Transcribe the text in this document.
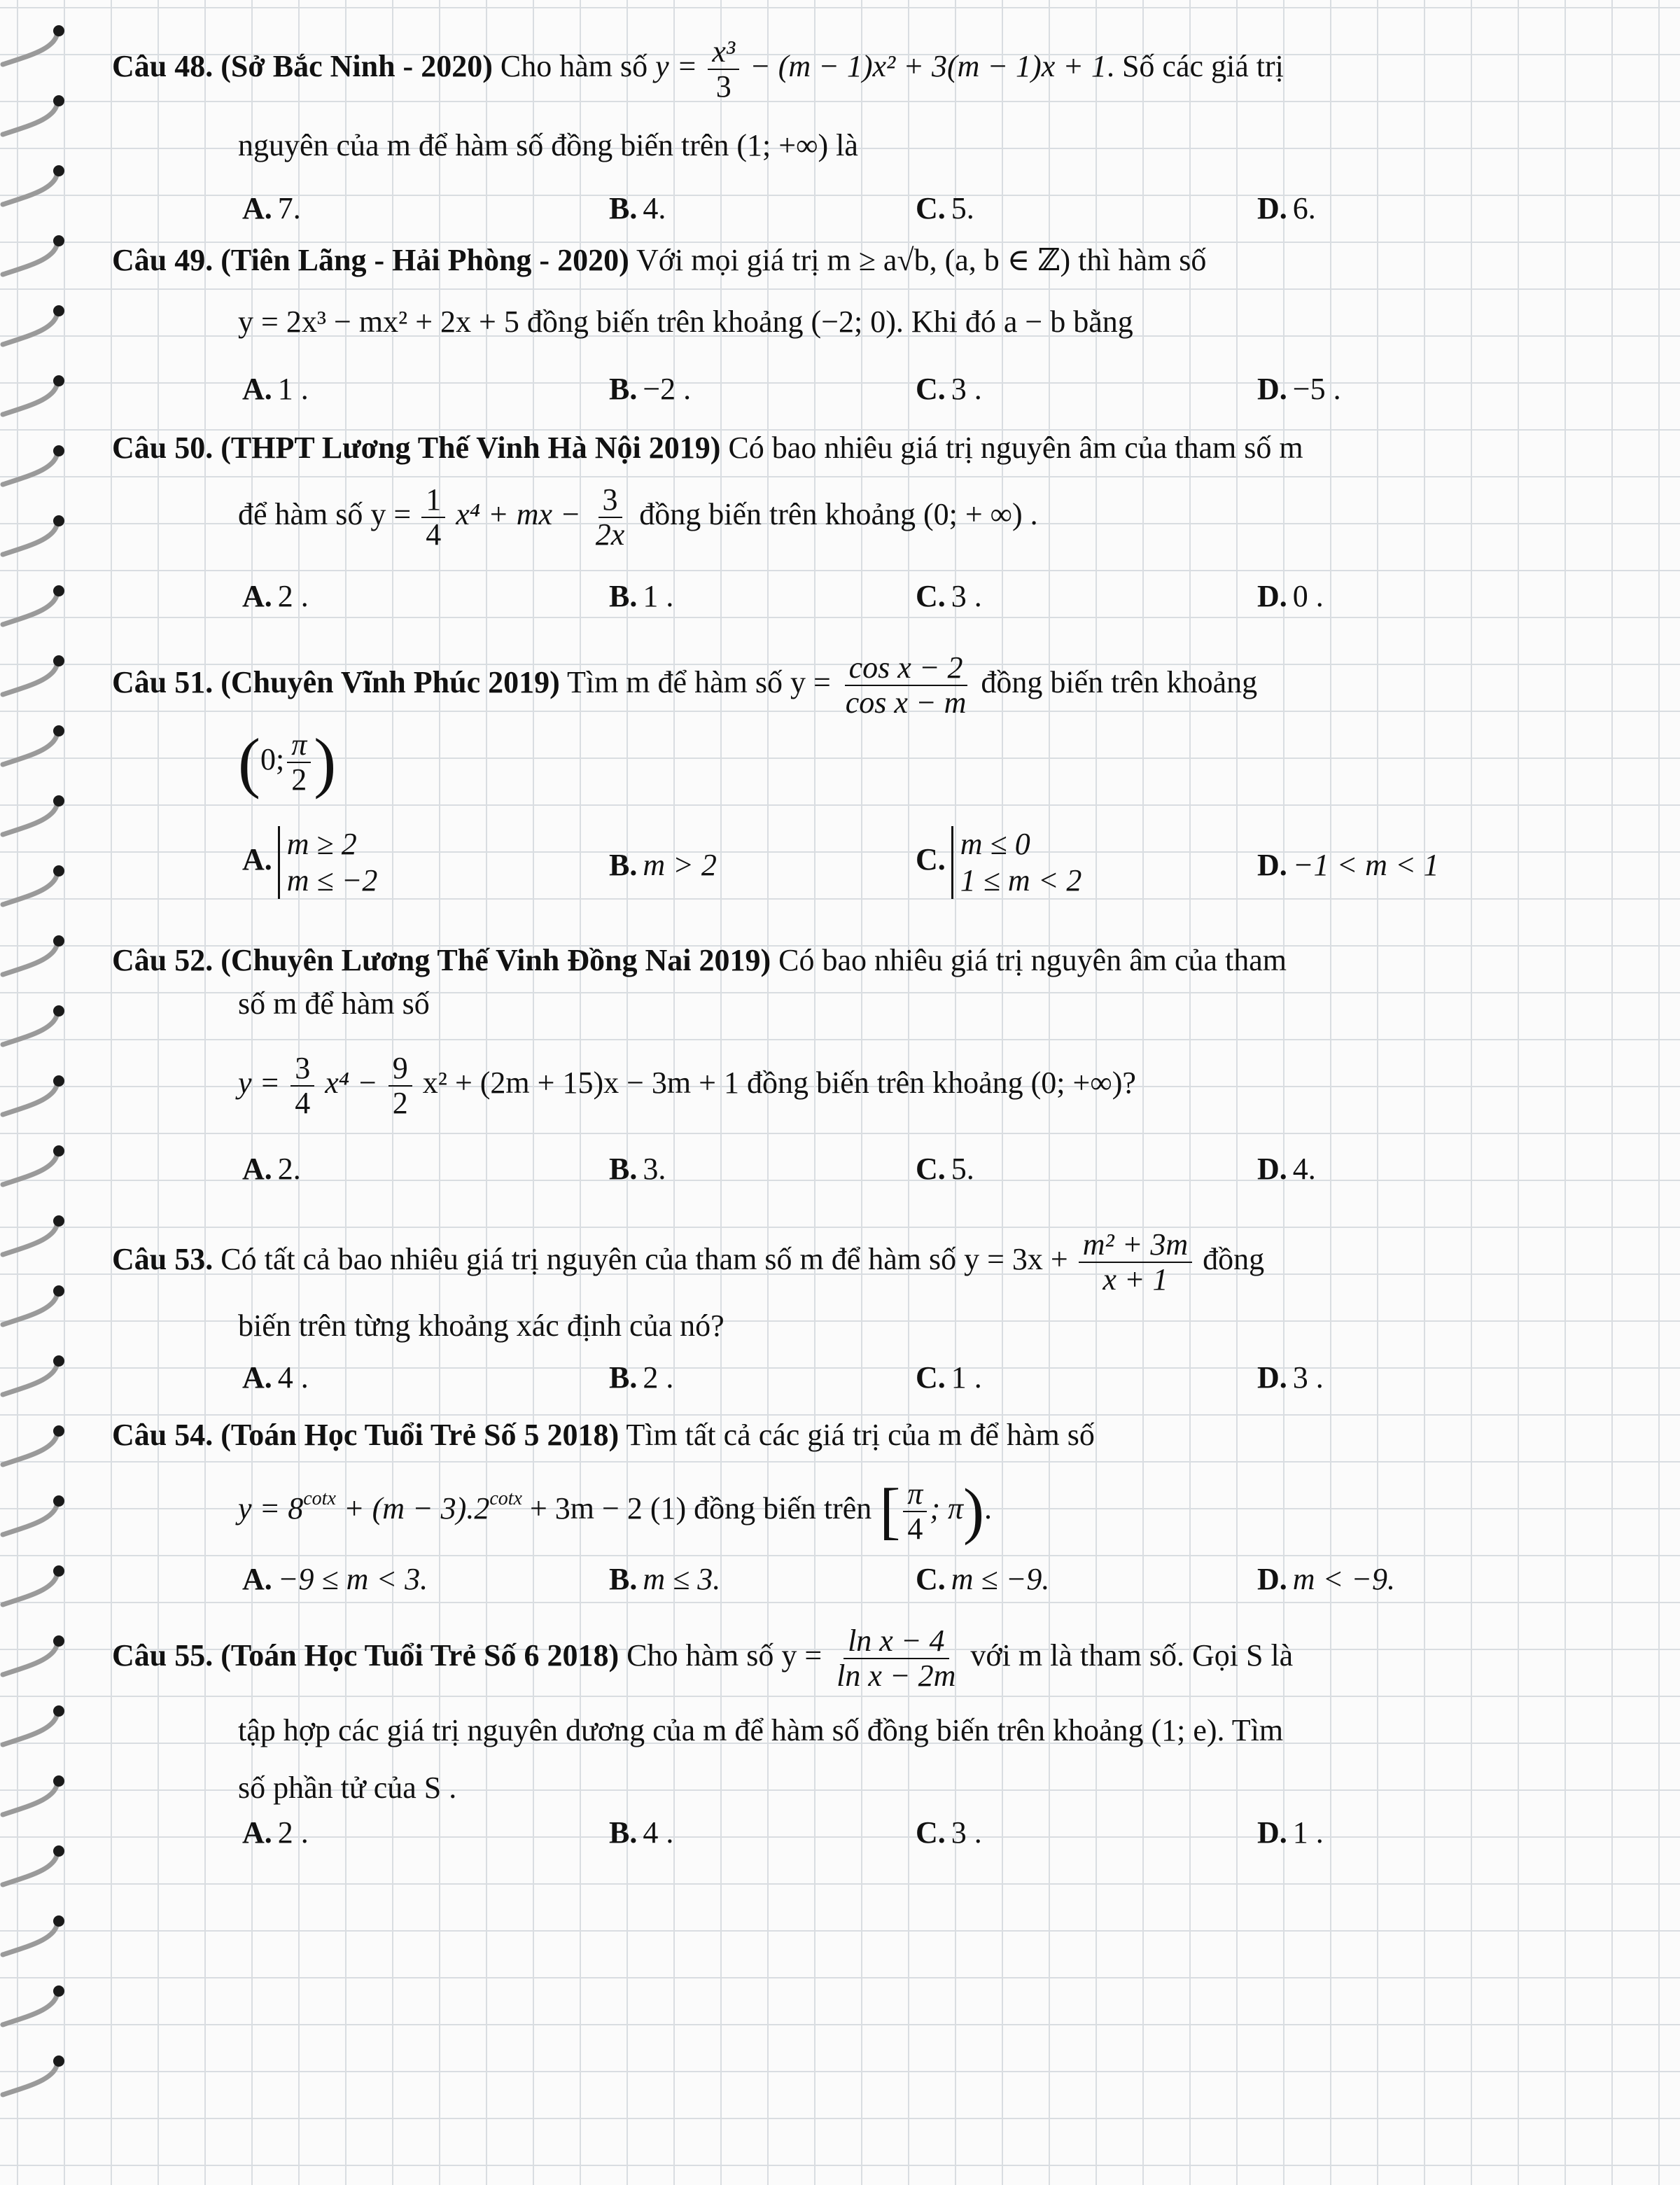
Câu 48. (Sở Bắc Ninh - 2020) Cho hàm số $y = \frac{\text{x³}}{3} - (m - 1)x^2 + 3(m - 1)x + 1$. Số các giá trị
nguyên của m để hàm số đồng biến trên (1; +∞) là
A. 7.	B. 4.	C. 5.	D. 6.
Câu 49. (Tiên Lãng - Hải Phòng - 2020) Với mọi giá trị m ≥ a√b, (a, b ∈ ℤ) thì hàm số
y = 2x³ − mx² + 2x + 5 đồng biến trên khoảng (−2; 0). Khi đó a − b bằng
A. 1 .	B. −2 .	C. 3 .	D. −5 .
Câu 50. (THPT Lương Thế Vinh Hà Nội 2019) Có bao nhiêu giá trị nguyên âm của tham số m
để hàm số $y = \frac{1}{4} x^4$ + mx − $\frac{3}{2x}$ đồng biến trên khoảng (0; + ∞) .
A. 2 .	B. 1 .	C. 3 .	D. 0 .
Câu 51. (Chuyên Vĩnh Phúc 2019) Tìm m để hàm số $y = \frac{\text{cos x − 2}}{\text{cos x − m}}$ đồng biến trên khoảng
(0; $\frac{\pi}{2}$ )
A. m ≥ 2
m ≤ −2	B. m > 2	C. m ≤ 0
1 ≤ m < 2	D. −1 < m < 1
Câu 52. (Chuyên Lương Thế Vinh Đồng Nai 2019) Có bao nhiêu giá trị nguyên âm của tham
số m để hàm số
$y = \frac{3}{4} x^4 - \frac{9}{2} x^2 + (2m + 15)x - 3m + 1$ đồng biến trên khoảng (0; +∞)?
A. 2.	B. 3.	C. 5.	D. 4.
Câu 53. Có tất cả bao nhiêu giá trị nguyên của tham số m để hàm số $y = 3x + \frac{\text{m² + 3m}}{x + 1}$ đồng
biến trên từng khoảng xác định của nó?
A. 4 .	B. 2 .	C. 1 .	D. 3 .
Câu 54. (Toán Học Tuổi Trẻ Số 5 2018) Tìm tất cả các giá trị của m để hàm số
$y = 8^{cotx} + (m - 3).2^{cotx} + 3m - 2$ (1) đồng biến trên [ $\frac{\pi}{4}$ ; π).
A. −9 ≤ m < 3.	B. m ≤ 3.	C. m ≤ −9.	D. m < −9.
Câu 55. (Toán Học Tuổi Trẻ Số 6 2018) Cho hàm số $y = \frac{\text{ln x − 4}}{\text{ln x − 2m}}$ với m là tham số. Gọi S là
tập hợp các giá trị nguyên dương của m để hàm số đồng biến trên khoảng (1; e). Tìm
số phần tử của S .
A. 2 .	B. 4 .	C. 3 .	D. 1 .
